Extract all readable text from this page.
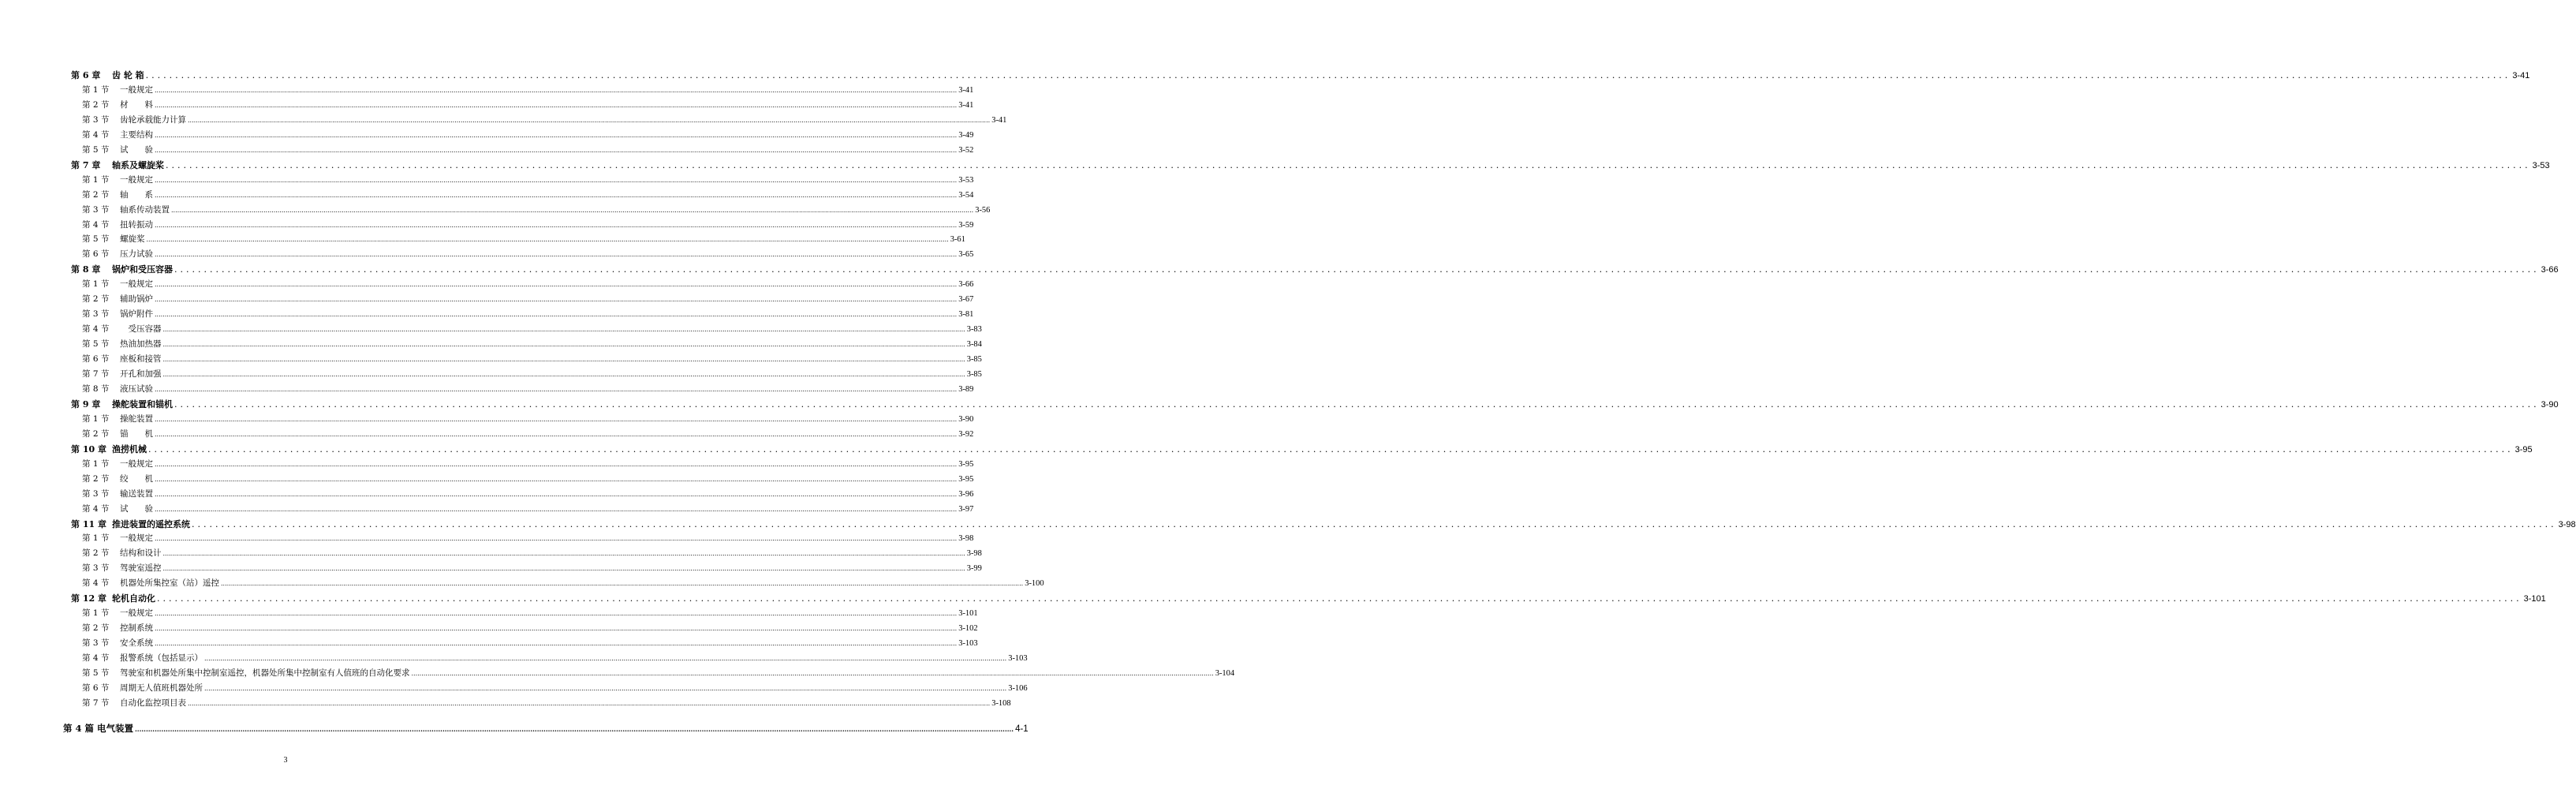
第 6 章	齿 轮 箱 ................................................................................................................................................................................................................................................................................................................................................................................................................ 3-41
第 1 节	一般规定 ................................................................................................................................................................................................................................................................................................................................................................................................................ 3-41
第 2 节	材　　料 ................................................................................................................................................................................................................................................................................................................................................................................................................ 3-41
第 3 节	齿轮承载能力计算 ................................................................................................................................................................................................................................................................................................................................................................................................................ 3-41
第 4 节	主要结构 ................................................................................................................................................................................................................................................................................................................................................................................................................ 3-49
第 5 节	试　　验 ................................................................................................................................................................................................................................................................................................................................................................................................................ 3-52
第 7 章	轴系及螺旋桨 ................................................................................................................................................................................................................................................................................................................................................................................................................ 3-53
第 1 节	一般规定 ................................................................................................................................................................................................................................................................................................................................................................................................................ 3-53
第 2 节	轴　　系 ................................................................................................................................................................................................................................................................................................................................................................................................................ 3-54
第 3 节	轴系传动装置 ................................................................................................................................................................................................................................................................................................................................................................................................................ 3-56
第 4 节	扭转振动 ................................................................................................................................................................................................................................................................................................................................................................................................................ 3-59
第 5 节	螺旋桨 ................................................................................................................................................................................................................................................................................................................................................................................................................ 3-61
第 6 节	压力试验 ................................................................................................................................................................................................................................................................................................................................................................................................................ 3-65
第 8 章	锅炉和受压容器 ................................................................................................................................................................................................................................................................................................................................................................................................................ 3-66
第 1 节	一般规定 ................................................................................................................................................................................................................................................................................................................................................................................................................ 3-66
第 2 节	辅助锅炉 ................................................................................................................................................................................................................................................................................................................................................................................................................ 3-67
第 3 节	锅炉附件 ................................................................................................................................................................................................................................................................................................................................................................................................................ 3-81
第 4 节	　受压容器 ................................................................................................................................................................................................................................................................................................................................................................................................................ 3-83
第 5 节	热油加热器 ................................................................................................................................................................................................................................................................................................................................................................................................................ 3-84
第 6 节	座板和接管 ................................................................................................................................................................................................................................................................................................................................................................................................................ 3-85
第 7 节	开孔和加强 ................................................................................................................................................................................................................................................................................................................................................................................................................ 3-85
第 8 节	液压试验 ................................................................................................................................................................................................................................................................................................................................................................................................................ 3-89
第 9 章	操舵装置和锚机 ................................................................................................................................................................................................................................................................................................................................................................................................................ 3-90
第 1 节	操舵装置 ................................................................................................................................................................................................................................................................................................................................................................................................................ 3-90
第 2 节	锚　　机 ................................................................................................................................................................................................................................................................................................................................................................................................................ 3-92
第 10 章 渔捞机械 ................................................................................................................................................................................................................................................................................................................................................................................................................ 3-95
第 1 节	一般规定 ................................................................................................................................................................................................................................................................................................................................................................................................................ 3-95
第 2 节	绞　　机 ................................................................................................................................................................................................................................................................................................................................................................................................................ 3-95
第 3 节	输送装置 ................................................................................................................................................................................................................................................................................................................................................................................................................ 3-96
第 4 节	试　　验 ................................................................................................................................................................................................................................................................................................................................................................................................................ 3-97
第 11 章 推进装置的遥控系统 ................................................................................................................................................................................................................................................................................................................................................................................................................ 3-98
第 1 节	一般规定 ................................................................................................................................................................................................................................................................................................................................................................................................................ 3-98
第 2 节	结构和设计 ................................................................................................................................................................................................................................................................................................................................................................................................................ 3-98
第 3 节	驾驶室遥控 ................................................................................................................................................................................................................................................................................................................................................................................................................ 3-99
第 4 节	机器处所集控室（站）遥控 ................................................................................................................................................................................................................................................................................................................................................................................................................ 3-100
第 12 章 轮机自动化 ................................................................................................................................................................................................................................................................................................................................................................................................................ 3-101
第 1 节	一般规定 ................................................................................................................................................................................................................................................................................................................................................................................................................ 3-101
第 2 节	控制系统 ................................................................................................................................................................................................................................................................................................................................................................................................................ 3-102
第 3 节	安全系统 ................................................................................................................................................................................................................................................................................................................................................................................................................ 3-103
第 4 节	报警系统（包括显示） ................................................................................................................................................................................................................................................................................................................................................................................................................ 3-103
第 5 节	驾驶室和机器处所集中控制室遥控，机器处所集中控制室有人值班的自动化要求 ................................................................................................................................................................................................................................................................................................................................................................................................................ 3-104
第 6 节	周期无人值班机器处所 ................................................................................................................................................................................................................................................................................................................................................................................................................ 3-106
第 7 节	自动化监控项目表 ................................................................................................................................................................................................................................................................................................................................................................................................................ 3-108
第 4 篇 电气装置 ................................................................................................................................................................................................................................................................................................................................................................................................................ 4-1
3
